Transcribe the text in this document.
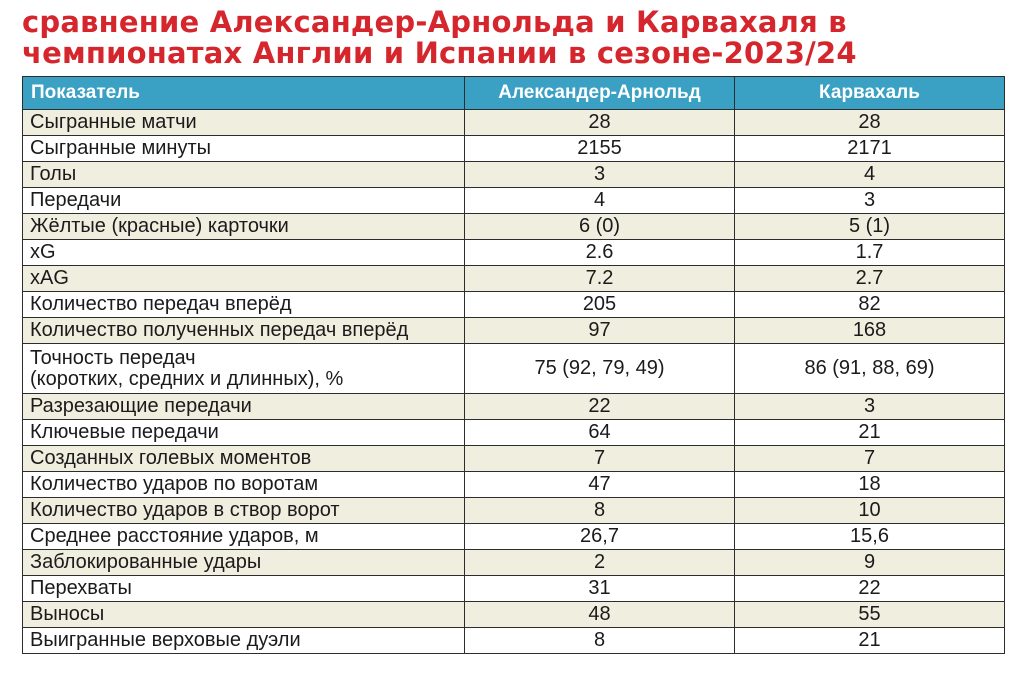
сравнение Александер-Арнольда и Карвахаля в
чемпионатах Англии и Испании в сезоне-2023/24
Показатель	Александер-Арнольд	Карвахаль
Сыгранные матчи	28	28
Сыгранные минуты	2155	2171
Голы	3	4
Передачи	4	3
Жёлтые (красные) карточки	6 (0)	5 (1)
xG	2.6	1.7
xAG	7.2	2.7
Количество передач вперёд	205	82
Количество полученных передач вперёд	97	168

Точность передач
(коротких, средних и длинных), %	75 (92, 79, 49)	86 (91, 88, 69)
Разрезающие передачи	22	3
Ключевые передачи	64	21
Созданных голевых моментов	7	7
Количество ударов по воротам	47	18
Количество ударов в створ ворот	8	10
Среднее расстояние ударов, м	26,7	15,6
Заблокированные удары	2	9
Перехваты	31	22
Выносы	48	55
Выигранные верховые дуэли	8	21
